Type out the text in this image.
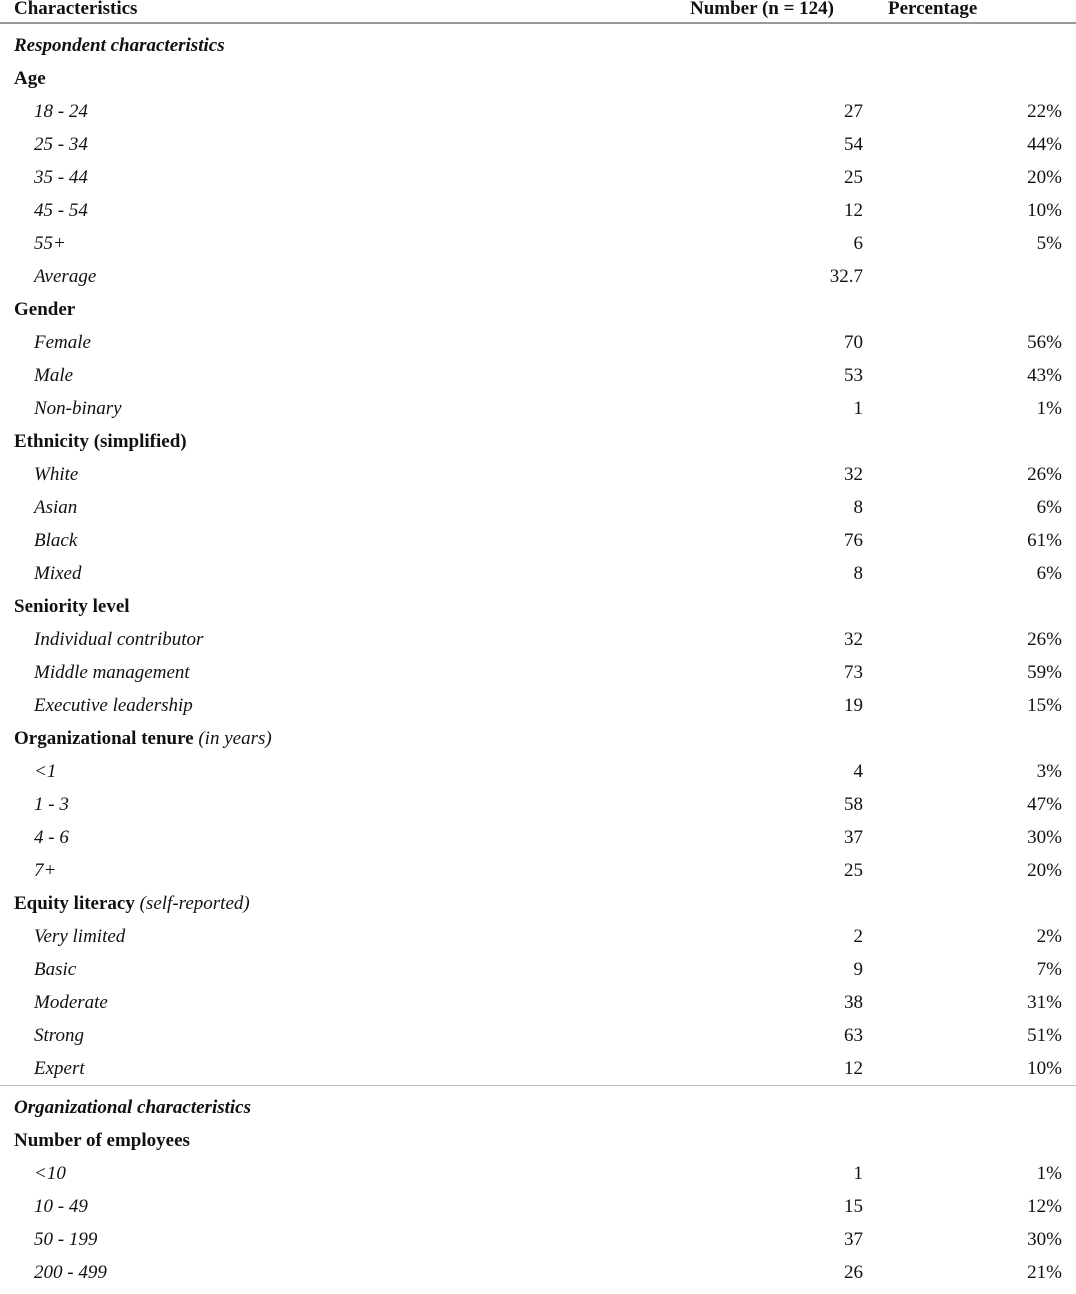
Characteristics	Number (n = 124)	Percentage
Respondent characteristics
Age
18 - 24	27	22%
25 - 34	54	44%
35 - 44	25	20%
45 - 54	12	10%
55+	6	5%
Average	32.7
Gender
Female	70	56%
Male	53	43%
Non-binary	1	1%
Ethnicity (simplified)
White	32	26%
Asian	8	6%
Black	76	61%
Mixed	8	6%
Seniority level
Individual contributor	32	26%
Middle management	73	59%
Executive leadership	19	15%
Organizational tenure (in years)
<1	4	3%
1 - 3	58	47%
4 - 6	37	30%
7+	25	20%
Equity literacy (self-reported)
Very limited	2	2%
Basic	9	7%
Moderate	38	31%
Strong	63	51%
Expert	12	10%
Organizational characteristics
Number of employees
<10	1	1%
10 - 49	15	12%
50 - 199	37	30%
200 - 499	26	21%
